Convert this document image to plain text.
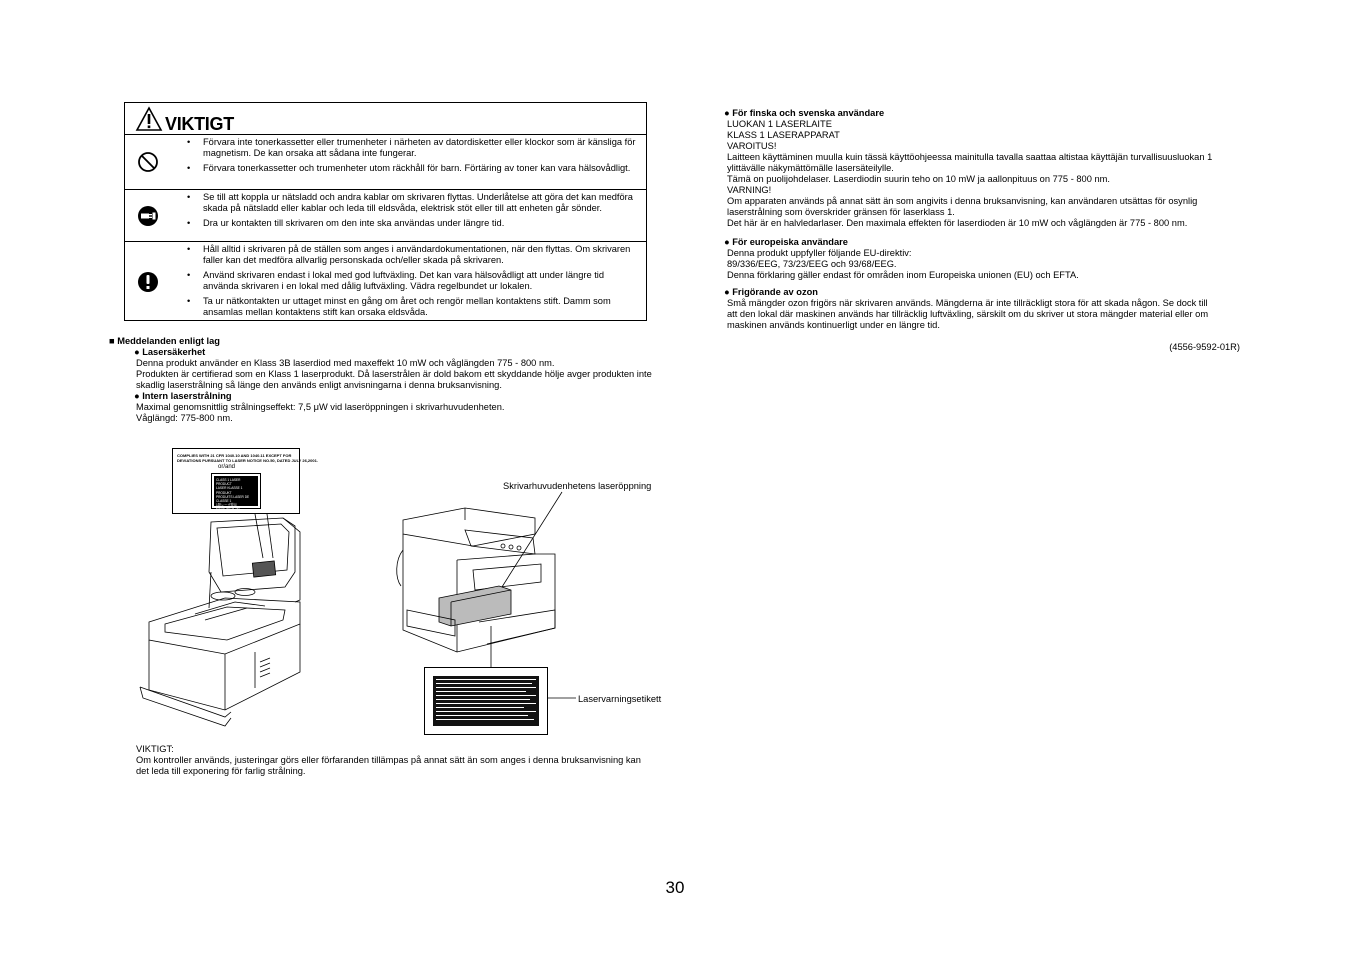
VIKTIGT
• Förvara inte tonerkassetter eller trumenheter i närheten av datordisketter eller klockor som är känsliga för magnetism. De kan orsaka att sådana inte fungerar.
• Förvara tonerkassetter och trumenheter utom räckhåll för barn. Förtäring av toner kan vara hälsovådligt.
• Se till att koppla ur nätsladd och andra kablar om skrivaren flyttas. Underlåtelse att göra det kan medföra skada på nätsladd eller kablar och leda till eldsvåda, elektrisk stöt eller till att enheten går sönder.
• Dra ur kontakten till skrivaren om den inte ska användas under längre tid.
• Håll alltid i skrivaren på de ställen som anges i användardokumentationen, när den flyttas. Om skrivaren faller kan det medföra allvarlig personskada och/eller skada på skrivaren.
• Använd skrivaren endast i lokal med god luftväxling. Det kan vara hälsovådligt att under längre tid använda skrivaren i en lokal med dålig luftväxling. Vädra regelbundet ur lokalen.
• Ta ur nätkontakten ur uttaget minst en gång om året och rengör mellan kontaktens stift. Damm som ansamlas mellan kontaktens stift kan orsaka eldsvåda.

■ Meddelanden enligt lag

● Lasersäkerhet

Denna produkt använder en Klass 3B laserdiod med maxeffekt 10 mW och våglängden 775 - 800 nm.

Produkten är certifierad som en Klass 1 laserprodukt. Då laserstrålen är dold bakom ett skyddande hölje avger produkten inte

skadlig laserstrålning så länge den används enligt anvisningarna i denna bruksanvisning.

● Intern laserstrålning

Maximal genomsnittlig strålningseffekt: 7,5 μW vid laseröppningen i skrivarhuvudenheten.

Våglängd: 775-800 nm.

COMPLIES WITH 21 CFR 1040.10 AND 1040.11 EXCEPT FOR
DEVIATIONS PURSUANT TO LASER NOTICE NO.50, DATED JULY 26,2001.
or/and
CLASS 1 LASER PRODUCT
LASER KLASSE 1 PRODUKT
PRODUITS LASER DE CLASSE 1
1類レーザ製品
MADE WITH 1M
Skrivarhuvudenhetens laseröppning
Laservarningsetikett

VIKTIGT:

Om kontroller används, justeringar görs eller förfaranden tillämpas på annat sätt än som anges i denna bruksanvisning kan

det leda till exponering för farlig strålning.

● För finska och svenska användare

LUOKAN 1 LASERLAITE

KLASS 1 LASERAPPARAT

VAROITUS!

Laitteen käyttäminen muulla kuin tässä käyttöohjeessa mainitulla tavalla saattaa altistaa käyttäjän turvallisuusluokan 1

ylittävälle näkymättömälle lasersäteilylle.

Tämä on puolijohdelaser. Laserdiodin suurin teho on 10 mW ja aallonpituus on 775 - 800 nm.

VARNING!

Om apparaten används på annat sätt än som angivits i denna bruksanvisning, kan användaren utsättas för osynlig

laserstrålning som överskrider gränsen för laserklass 1.

Det här är en halvledarlaser. Den maximala effekten för laserdioden är 10 mW och våglängden är 775 - 800 nm.

● För europeiska användare

Denna produkt uppfyller följande EU-direktiv:

89/336/EEG, 73/23/EEG och 93/68/EEG.

Denna förklaring gäller endast för områden inom Europeiska unionen (EU) och EFTA.

● Frigörande av ozon

Små mängder ozon frigörs när skrivaren används. Mängderna är inte tillräckligt stora för att skada någon. Se dock till

att den lokal där maskinen används har tillräcklig luftväxling, särskilt om du skriver ut stora mängder material eller om

maskinen används kontinuerligt under en längre tid.

(4556-9592-01R)
30
